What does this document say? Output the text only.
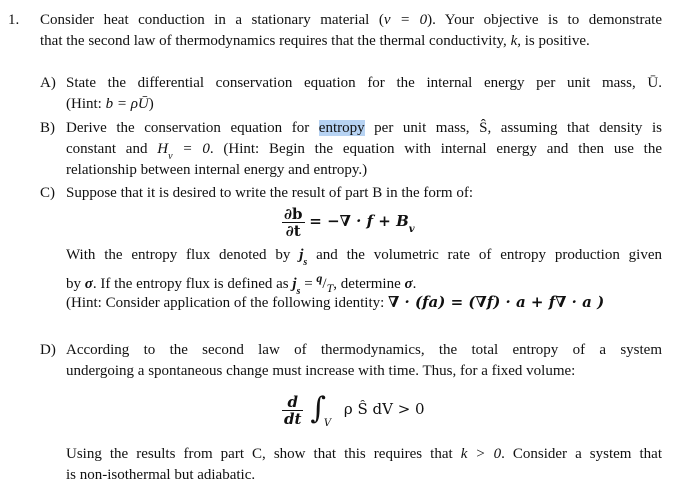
1. Consider heat conduction in a stationary material (ν = 0). Your objective is to demonstrate
that the second law of thermodynamics requires that the thermal conductivity, k, is positive.
A) State the differential conservation equation for the internal energy per unit mass, Ū.
(Hint: b = ρŪ)
B) Derive the conservation equation for entropy per unit mass, Ŝ, assuming that density is
constant and $H_v = 0$. (Hint: Begin the equation with internal energy and then use the
relationship between internal energy and entropy.)
C) Suppose that it is desired to write the result of part B in the form of:
$\frac{\partial b}{\partial t}$ = −∇ · $f + B_v$
With the entropy flux denoted by $j_s$ and the volumetric rate of entropy production given
by σ. If the entropy flux is defined as $j_s = ^q/_T$, determine σ.
(Hint: Consider application of the following identity: ∇ · (fa) = (∇f) · a + f∇ · a )
D) According to the second law of thermodynamics, the total entropy of a system
undergoing a spontaneous change must increase with time. Thus, for a fixed volume:
$\frac{d}{dt} \int_V$ ρ Ŝ dV > 0
Using the results from part C, show that this requires that k > 0. Consider a system that
is non-isothermal but adiabatic.
